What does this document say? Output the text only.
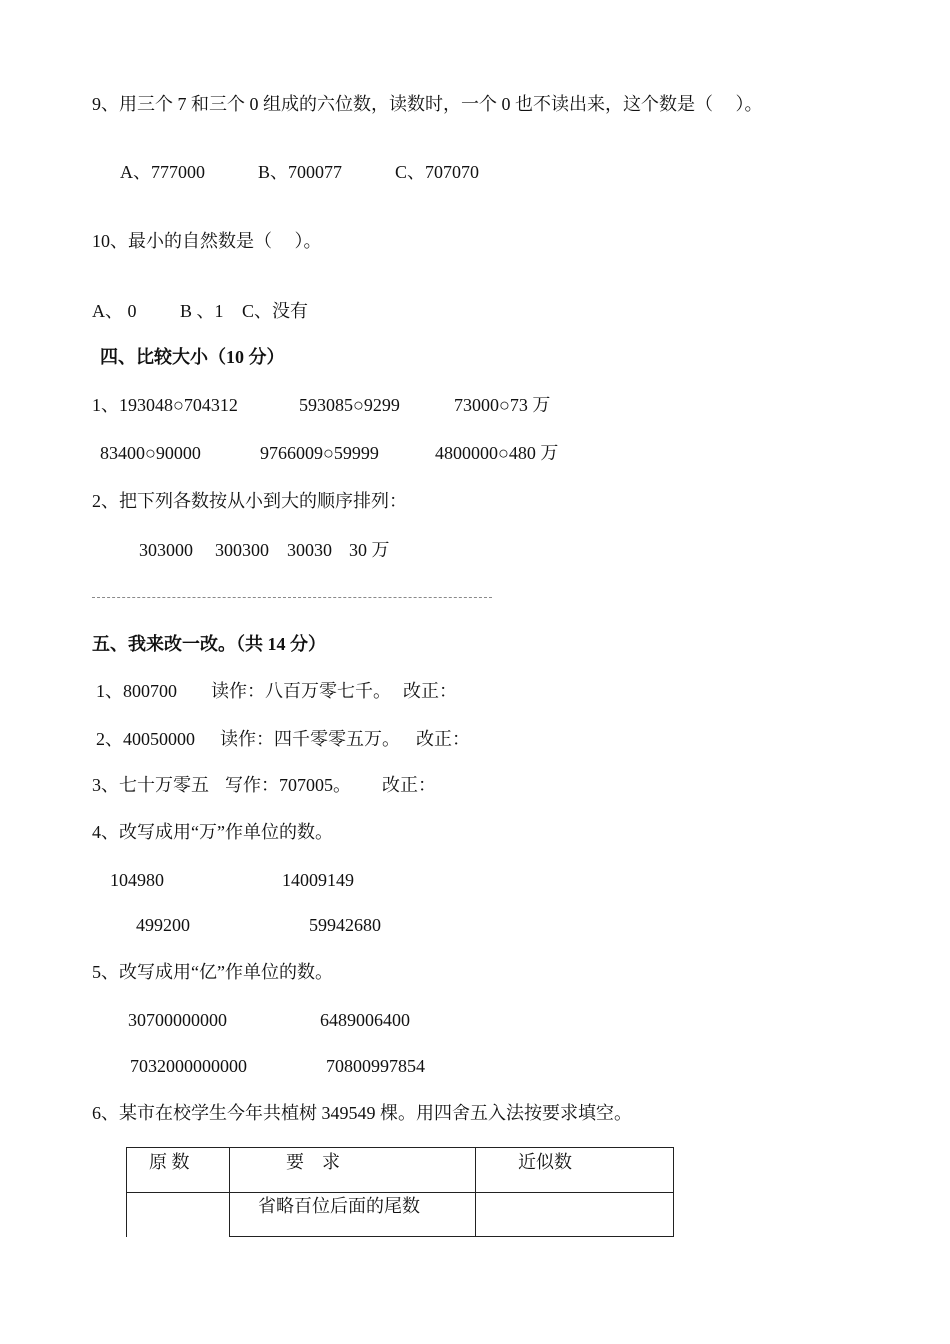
9、用三个 7 和三个 0 组成的六位数，读数时，一个 0 也不读出来，这个数是（　 ）。
A、777000	B、700077	C、707070
10、最小的自然数是（　 ）。
A、 0 B 、1 C、没有
四、比较大小（10 分）
1、193048○704312	593085○9299	73000○73 万
83400○90000	9766009○59999	4800000○480 万
2、把下列各数按从小到大的顺序排列：
303000 300300 30030 30 万
五、我来改一改。（共 14 分）
1、800700 读作：八百万零七千。 改正：
2、40050000 读作：四千零零五万。 改正：
3、七十万零五 写作：707005。 改正：
4、改写成用“万”作单位的数。
104980	14009149
499200	59942680
5、改写成用“亿”作单位的数。
30700000000	6489006400
7032000000000	70800997854
6、某市在校学生今年共植树 349549 棵。用四舍五入法按要求填空。
原 数	要　求	近似数

	省略百位后面的尾数	
